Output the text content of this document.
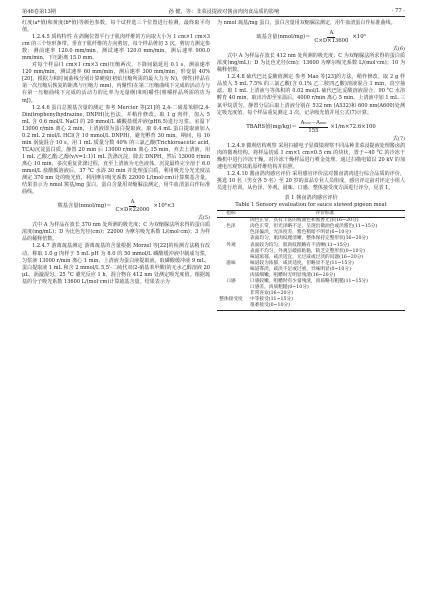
第46卷第13期	孙 健，等：韭菜浸提液对酱卤肉肉食品质的影响	· 77 ·

红度(a*值)和黄度(b*值)等颜色参数，每个试样选三个位置进行检测，最终取平均值。

1.2.4.5 质构特性 在鸽胸位置平行于肌肉纤维的方向取大小为 1 cm×1 cm×3 cm 的三个矩形条带。垂直于肌纤维的方向剪切，每个样品剪切 3 次。剪切力测定参数：测前速率 120.0 mm/min，测试速率 120.0 mm/min，测后速率 900.0 mm/min，下压距离 15.0 mm。

对每个样品(1 cm×1 cm×3 cm)压缩两次，下降间隔延迟 0.1 s，测前速率 120 mm/min，测试速率 60 mm/min，测后速率 300 mm/min，形变量 40%[20]。根据力和时间曲线分别计算硬度(初始压缩所需的最大力为 N)，弹性(样品在第一次压缩后恢复的距离与压缩力 mm)，内聚性(在第二压缩曲线下完成的活动力与在第一压缩曲线下完成的活动力的比率为无量纲)和咀嚼性(咀嚼样品所需的功为 mJ)。

1.2.4.6 蛋白总羰基含量的测定 参考 Mercier 等[21]的 2,4-二硝基苯肼(2,4-Dinitrophenylhydrazine, DNPH)比色法，并稍作修改。取 1 g 肉样，加入 5 mL 含 0.6 mol/L NaCl 的 20 mmol/L 磷酸盐缓冲液(pH6.5)进行匀浆。室温下 13000 r/min 离心 2 min，上清液即为蛋白提取液。取 0.4 mL 蛋白提取液加入 0.2 mL 2 mol/L HCl(含 10 mmol/L DNPH)，避光孵育 30 min。期间，每 10 min 涡旋混合 10 s。用 1 mL 质量分数 40% 的三氯乙酸(Trichloroacetic acid, TCA)沉淀蛋白质，静置 20 min 后 13000 r/min 离心 15 min，弃去上清液。用 1 mL 乙酸乙酯:乙醇(v/v=1:1)1 mL 洗涤沉淀，除去 DNPH，然后 13000 r/min 离心 10 min，多次重复洗涤过程，直至上清液为无色液体。沉淀最终完全溶于 6.0 mmol/L 盐酸胍溶液后，37 °C 水浴 30 min 并处理蛋白质。利用吸光分光光度法测定 370 nm 处的吸光值，利用摩尔吸光系数 22000 L/(mol·cm)计算羰基含量。结果表示为 nmol 羰基/mg 蛋白。蛋白含量用双缩脲法测定，用牛血清蛋白作标准曲线。

羰基含量(nmol/mg)＝ $\frac{A}{C\times D\times 22000} \times 10^6\times 3$
式(5)

式中 A 为样品在波长 370 nm 处所测的吸光度；C 为双缩脲法所求得的蛋白质浓度(mg/mL)；D 为比色光径(cm)；22000 为摩尔吸光系数 L/(mol·cm)；3 为样品的稀释倍数。

1.2.4.7 游离巯基测定 游离巯基的含量根据 Morzel 等[22]的检测方法稍有改动。称取 1.0 g 肉样于 5 mL pH 为 8.0 的 50 mmol/L 磷酸缓冲液中制成匀浆，匀浆液 13000 r/min 离心 1 min，上清液为蛋白液提取液。取磷酸缓冲液 9 mL，蛋白提取液 1 mL 和含 2 mmol/L 5,5'-二硫代双(2-硝基苯甲酸)的无水乙醇溶液 20 μL，涡漩混匀，25 °C 避光反应 1 h，混合物在 412 nm 处测定吸光度值。根据巯基的分子吸光系数 13600 L/(mol·cm)计算巯基含量。结果表示为

为 nmol 巯基/mg 蛋白。蛋白含量用双缩脲法测定，用牛血清蛋白作标准曲线。

巯基含量(nmol/mg)＝ $\frac{A}{C\times D\times 13600} \times 10^6$
式(6)

式中 A 为样品在波长 412 nm 处所测的吸光度；C 为双缩脲法所求得的蛋白质浓度(mg/mL)；D 为比色光径(cm)；13600 为摩尔吸光系数 L/(mol·cm)；10 为稀释倍数。

1.2.4.8 硫代巴比妥酸值测定 参考 Mao 等[23]的方法，稍作修改。取 2 g 样品放入 5 mL 7.5% 的三氯乙酸(含 0.1% 乙二胺四乙酸)溶液混合 1 min，真空抽滤。取 1 mL 上清液与等体积的 0.02 mol/L 硫代巴比妥酸溶液混合，90 °C 水浴孵育 40 min，取出冷却至室温后，4000 r/min 离心 5 min。上清液中加 1 mL 三氯甲烷震匀，静置分层后取上清液分别在 532 nm (A532)和 600 nm(A600)处测定吸光度值，每个样品重复测定 3 次，记录吸光值并用公式(7)计算。

TBARS值$(mg/kg)= \frac{\text{A₅₃₂－A₆₀₀}}{155} \times 1/m\times 72.6\times 100$
式(7)

1.2.4.9 微观结构观察 采用扫描电子显微镜观察不同品种韭菜浸提液处理酱卤鸽肉的微观结构。将样品切成 1 cm×1 cm×0.5 cm 的块状，置于−40 °C 的冷冻干燥机中进行冷冻干燥。对冷冻干燥样品进行喷金处理。通过扫描电镜以 20 kV 的加速电压观察其肌原纤维结构并拍照。

1.2.4.10 酱卤鸽肉感官评价 采用感官评价法对酱卤鸽肉进行综合品质的评价，挑选 10 名（男女各 5 名）至 20 岁的食品专业人员组成，感官评定前对评定小组人员进行培训，从色泽、外观、滋味、口感、整体接受度方面进行评分，见表 1。

表 1 酱卤鸽肉感官评价
Table 1 Sensory evaluation for sauce stewed pigeon meat
指标	评价标准
色泽	肉色正常，具有丰富的酱油色和酱香光泽(16~20分)
	肉色正常，但光泽略不足，呈现出微油色或淡酱色(11~15分)
	色泽偏淡，光泽度差，酱色稍暗不明显(6~10分)
外观	表面均匀，肌肉纹理清晰，整体保持完整形状(16~20分)
	表面较为均匀，肌肉纹理略有不清晰(11~15分)
	表面不均匀，外观呈破损粘黏，缺乏完整形状(0~10分)
滋味	味道浓郁，咸淡适宜，无过咸或过淡的问题(16~20分)
	味道较为浓郁，咸淡适度，但略显不足(11~15分)
	味道寡淡，咸淡不足或过重，异味明显(0~10分)
口感	肉质细嫩，咀嚼时无明显残渣(16~20分)
	口感较嫩，咀嚼时有少量残渣，肉质略有粗糙(11~15分)
	口感差，肉质粗糙(0~10分)
整体接受度	非常喜欢(16~20分)
	中等接受(11~15分)
	很难接受(0~10分)
